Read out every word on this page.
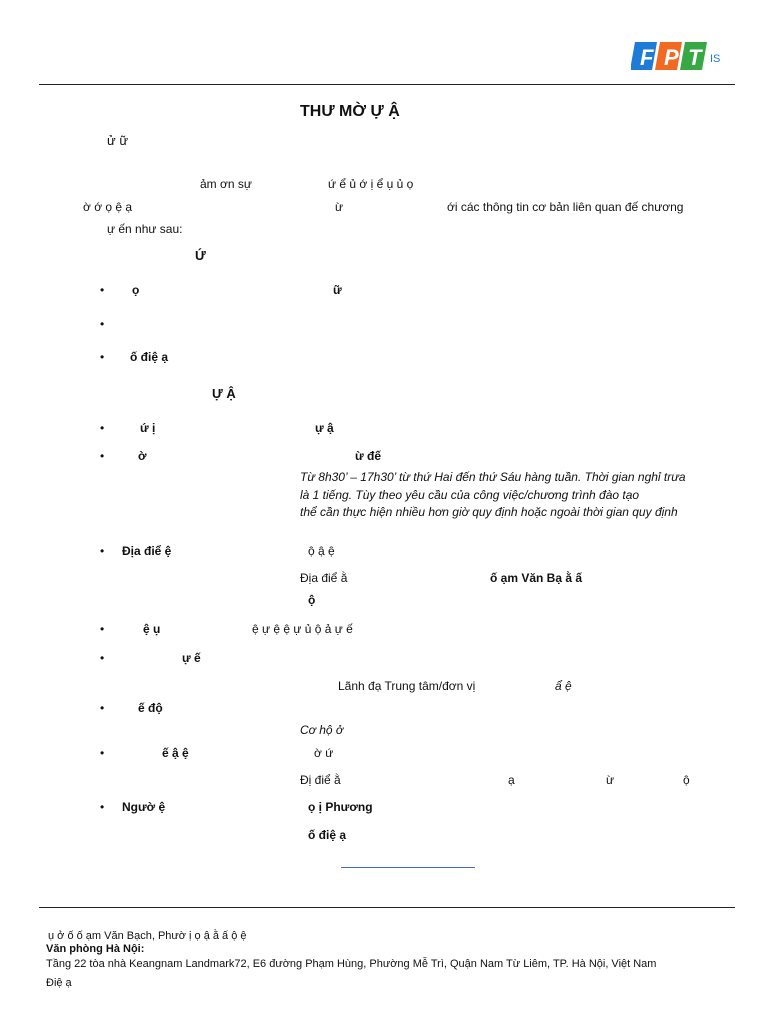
F P T IS
THƯ MỜ Ự Ậ
ử ữ
ảm ơn sự	ứ ể ủ ớ ị ể ụ ủ ọ
ờ ớ ọ ệ ạ	ừ	ới các thông tin cơ bản liên quan đế chương
ự ến như sau:
Ứ
• ọ	ữ
•
• ố điệ ạ
Ự Ậ
•	ứ ị	ự ậ
•	ờ	ừ đế
Từ 8h30’ – 17h30’ từ thứ Hai đến thứ Sáu hàng tuần. Thời gian nghỉ trưa
là 1 tiếng. Tùy theo yêu cầu của công việc/chương trình đào tạo
thể cần thực hiện nhiều hơn giờ quy định hoặc ngoài thời gian quy định
• Địa điể ệ	ộ ậ ệ
Địa điể ằ	ố ạm Văn Bạ ằ ấ
ộ
•	ệ ụ	ệ ự ệ ệ ự ủ ộ ả ự ế
•	ự ế
Lãnh đạ Trung tâm/đơn vị	ẩ ệ
•	ế độ
Cơ hộ ở
•	ế ậ ệ	ờ ứ
Đị điể ằ	ạ	ừ	ộ
• Ngườ ệ	ọ ị Phương
ố điệ ạ
ụ ở ố ố ạm Văn Bạch, Phườ ị ọ ậ ằ ấ ộ ệ
Văn phòng Hà Nội:
Tầng 22 tòa nhà Keangnam Landmark72, E6 đường Phạm Hùng, Phường Mễ Trì, Quận Nam Từ Liêm, TP. Hà Nội, Việt Nam
Điệ ạ
